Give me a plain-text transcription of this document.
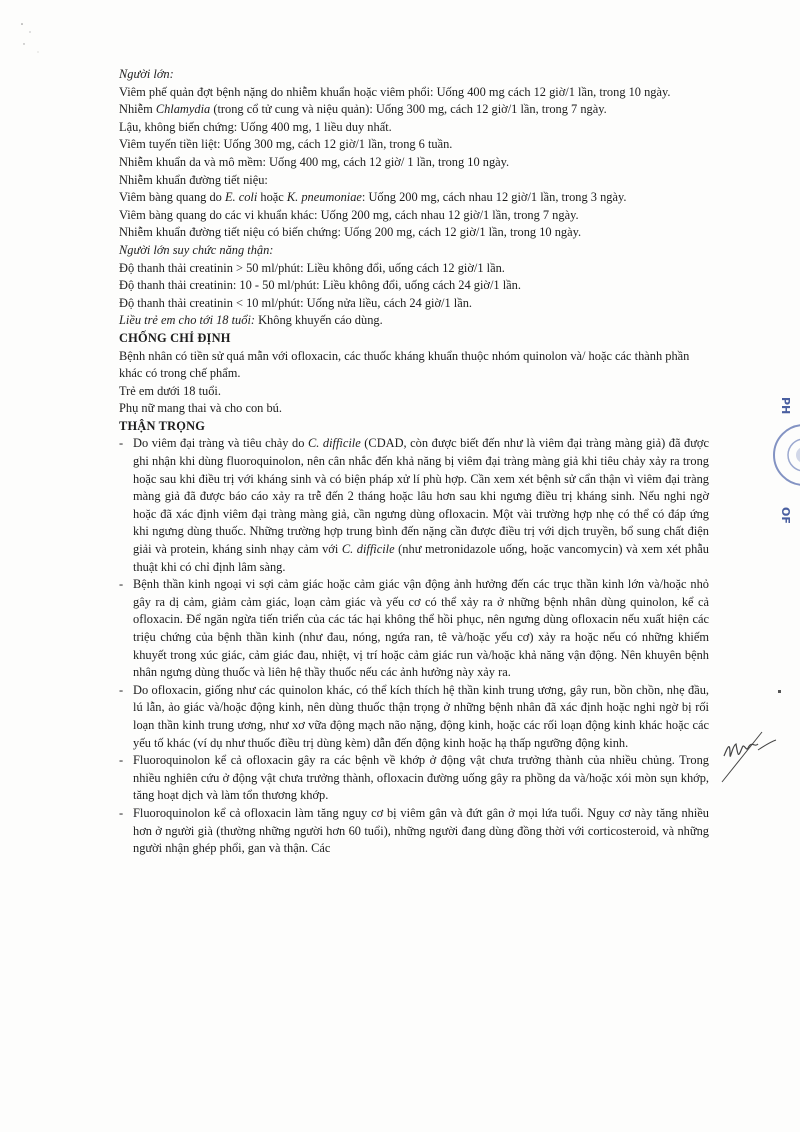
Người lớn:

Viêm phế quản đợt bệnh nặng do nhiễm khuẩn hoặc viêm phổi: Uống 400 mg cách 12 giờ/1 lần, trong 10 ngày.

Nhiễm Chlamydia (trong cổ tử cung và niệu quản): Uống 300 mg, cách 12 giờ/1 lần, trong 7 ngày.

Lậu, không biến chứng: Uống 400 mg, 1 liều duy nhất.

Viêm tuyến tiền liệt: Uống 300 mg, cách 12 giờ/1 lần, trong 6 tuần.

Nhiễm khuẩn da và mô mềm: Uống 400 mg, cách 12 giờ/ 1 lần, trong 10 ngày.

Nhiễm khuẩn đường tiết niệu:

Viêm bàng quang do E. coli hoặc K. pneumoniae: Uống 200 mg, cách nhau 12 giờ/1 lần, trong 3 ngày.

Viêm bàng quang do các vi khuẩn khác: Uống 200 mg, cách nhau 12 giờ/1 lần, trong 7 ngày.

Nhiễm khuẩn đường tiết niệu có biến chứng: Uống 200 mg, cách 12 giờ/1 lần, trong 10 ngày.

Người lớn suy chức năng thận:

Độ thanh thải creatinin > 50 ml/phút: Liều không đổi, uống cách 12 giờ/1 lần.

Độ thanh thải creatinin: 10 - 50 ml/phút: Liều không đổi, uống cách 24 giờ/1 lần.

Độ thanh thải creatinin < 10 ml/phút: Uống nửa liều, cách 24 giờ/1 lần.

Liều trẻ em cho tới 18 tuổi: Không khuyến cáo dùng.

CHỐNG CHỈ ĐỊNH

Bệnh nhân có tiền sử quá mẫn với ofloxacin, các thuốc kháng khuẩn thuộc nhóm quinolon và/ hoặc các thành phần khác có trong chế phẩm.

Trẻ em dưới 18 tuổi.

Phụ nữ mang thai và cho con bú.

THẬN TRỌNG

- Do viêm đại tràng và tiêu chảy do C. difficile (CDAD, còn được biết đến như là viêm đại tràng màng giả) đã được ghi nhận khi dùng fluoroquinolon, nên cân nhắc đến khả năng bị viêm đại tràng màng giả khi tiêu chảy xảy ra trong hoặc sau khi điều trị với kháng sinh và có biện pháp xử lí phù hợp. Cần xem xét bệnh sử cẩn thận vì viêm đại tràng màng giả đã được báo cáo xảy ra trễ đến 2 tháng hoặc lâu hơn sau khi ngưng điều trị kháng sinh. Nếu nghi ngờ hoặc đã xác định viêm đại tràng màng giả, cần ngưng dùng ofloxacin. Một vài trường hợp nhẹ có thể có đáp ứng khi ngưng dùng thuốc. Những trường hợp trung bình đến nặng cần được điều trị với dịch truyền, bổ sung chất điện giải và protein, kháng sinh nhạy cảm với C. difficile (như metronidazole uống, hoặc vancomycin) và xem xét phẫu thuật khi có chỉ định lâm sàng.

- Bệnh thần kinh ngoại vi sợi cảm giác hoặc cảm giác vận động ảnh hưởng đến các trục thần kinh lớn và/hoặc nhỏ gây ra dị cảm, giảm cảm giác, loạn cảm giác và yếu cơ có thể xảy ra ở những bệnh nhân dùng quinolon, kể cả ofloxacin. Để ngăn ngừa tiến triển của các tác hại không thể hồi phục, nên ngưng dùng ofloxacin nếu xuất hiện các triệu chứng của bệnh thần kinh (như đau, nóng, ngứa ran, tê và/hoặc yếu cơ) xảy ra hoặc nếu có những khiếm khuyết trong xúc giác, cảm giác đau, nhiệt, vị trí hoặc cảm giác run và/hoặc khả năng vận động. Nên khuyên bệnh nhân ngưng dùng thuốc và liên hệ thầy thuốc nếu các ảnh hưởng này xảy ra.

- Do ofloxacin, giống như các quinolon khác, có thể kích thích hệ thần kinh trung ương, gây run, bồn chồn, nhẹ đầu, lú lẫn, ảo giác và/hoặc động kinh, nên dùng thuốc thận trọng ở những bệnh nhân đã xác định hoặc nghi ngờ bị rối loạn thần kinh trung ương, như xơ vữa động mạch não nặng, động kinh, hoặc các rối loạn động kinh khác hoặc các yếu tố khác (ví dụ như thuốc điều trị dùng kèm) dẫn đến động kinh hoặc hạ thấp ngưỡng động kinh.

- Fluoroquinolon kể cả ofloxacin gây ra các bệnh về khớp ở động vật chưa trưởng thành của nhiều chủng. Trong nhiều nghiên cứu ở động vật chưa trưởng thành, ofloxacin đường uống gây ra phồng da và/hoặc xói mòn sụn khớp, tăng hoạt dịch và làm tổn thương khớp.

- Fluoroquinolon kể cả ofloxacin làm tăng nguy cơ bị viêm gân và đứt gân ở mọi lứa tuổi. Nguy cơ này tăng nhiều hơn ở người già (thường những người hơn 60 tuổi), những người đang dùng đồng thời với corticosteroid, và những người nhận ghép phổi, gan và thận. Các

PH
OF
